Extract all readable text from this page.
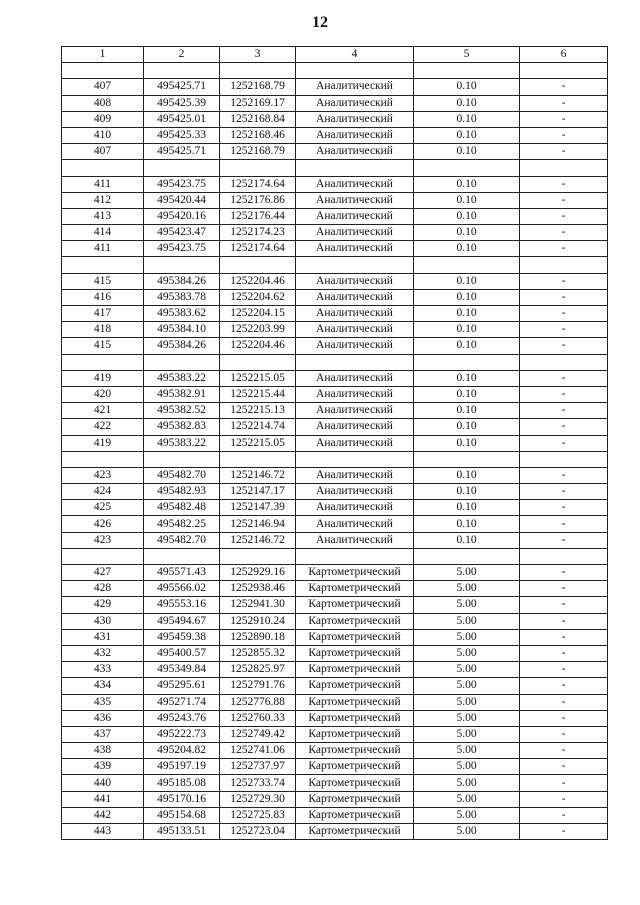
12
1	2	3	4	5	6

407	495425.71	1252168.79	Аналитический	0.10	-
408	495425.39	1252169.17	Аналитический	0.10	-
409	495425.01	1252168.84	Аналитический	0.10	-
410	495425.33	1252168.46	Аналитический	0.10	-
407	495425.71	1252168.79	Аналитический	0.10	-

411	495423.75	1252174.64	Аналитический	0.10	-
412	495420.44	1252176.86	Аналитический	0.10	-
413	495420.16	1252176.44	Аналитический	0.10	-
414	495423.47	1252174.23	Аналитический	0.10	-
411	495423.75	1252174.64	Аналитический	0.10	-

415	495384.26	1252204.46	Аналитический	0.10	-
416	495383.78	1252204.62	Аналитический	0.10	-
417	495383.62	1252204.15	Аналитический	0.10	-
418	495384.10	1252203.99	Аналитический	0.10	-
415	495384.26	1252204.46	Аналитический	0.10	-

419	495383.22	1252215.05	Аналитический	0.10	-
420	495382.91	1252215.44	Аналитический	0.10	-
421	495382.52	1252215.13	Аналитический	0.10	-
422	495382.83	1252214.74	Аналитический	0.10	-
419	495383.22	1252215.05	Аналитический	0.10	-

423	495482.70	1252146.72	Аналитический	0.10	-
424	495482.93	1252147.17	Аналитический	0.10	-
425	495482.48	1252147.39	Аналитический	0.10	-
426	495482.25	1252146.94	Аналитический	0.10	-
423	495482.70	1252146.72	Аналитический	0.10	-

427	495571.43	1252929.16	Картометрический	5.00	-
428	495566.02	1252938.46	Картометрический	5.00	-
429	495553.16	1252941.30	Картометрический	5.00	-
430	495494.67	1252910.24	Картометрический	5.00	-
431	495459.38	1252890.18	Картометрический	5.00	-
432	495400.57	1252855.32	Картометрический	5.00	-
433	495349.84	1252825.97	Картометрический	5.00	-
434	495295.61	1252791.76	Картометрический	5.00	-
435	495271.74	1252776.88	Картометрический	5.00	-
436	495243.76	1252760.33	Картометрический	5.00	-
437	495222.73	1252749.42	Картометрический	5.00	-
438	495204.82	1252741.06	Картометрический	5.00	-
439	495197.19	1252737.97	Картометрический	5.00	-
440	495185.08	1252733.74	Картометрический	5.00	-
441	495170.16	1252729.30	Картометрический	5.00	-
442	495154.68	1252725.83	Картометрический	5.00	-
443	495133.51	1252723.04	Картометрический	5.00	-
